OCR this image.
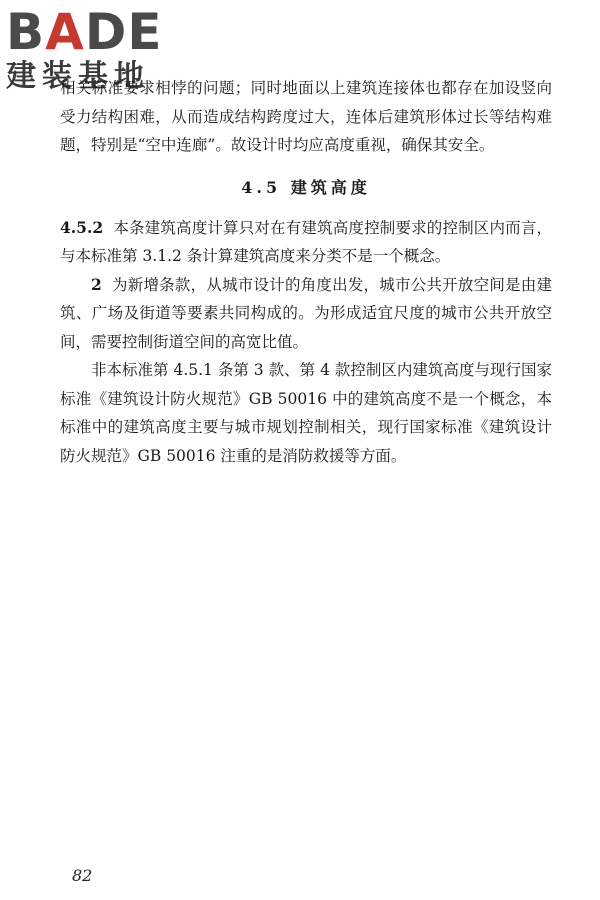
BADE
建装基地

相关标准要求相悖的问题；同时地面以上建筑连接体也都存在加设竖向受力结构困难，从而造成结构跨度过大，连体后建筑形体过长等结构难题，特别是“空中连廊”。故设计时均应高度重视，确保其安全。

4.5 建筑高度

4.5.2 本条建筑高度计算只对在有建筑高度控制要求的控制区内而言，与本标准第 3.1.2 条计算建筑高度来分类不是一个概念。

2 为新增条款，从城市设计的角度出发，城市公共开放空间是由建筑、广场及街道等要素共同构成的。为形成适宜尺度的城市公共开放空间，需要控制街道空间的高宽比值。

非本标准第 4.5.1 条第 3 款、第 4 款控制区内建筑高度与现行国家标准《建筑设计防火规范》GB 50016 中的建筑高度不是一个概念，本标准中的建筑高度主要与城市规划控制相关，现行国家标准《建筑设计防火规范》GB 50016 注重的是消防救援等方面。

82
